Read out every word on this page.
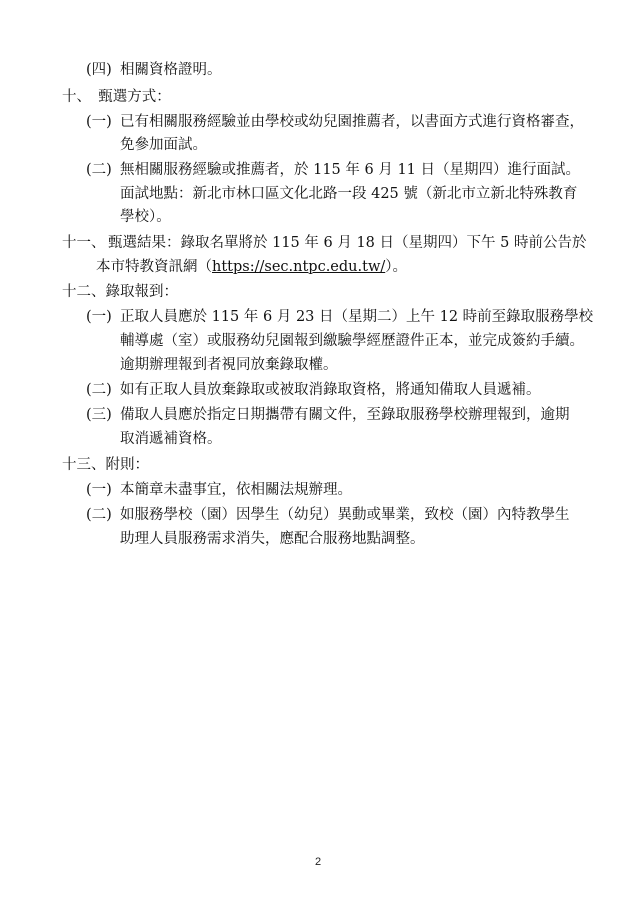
(四) 相關資格證明。
十、　甄選方式：
(一) 已有相關服務經驗並由學校或幼兒園推薦者，以書面方式進行資格審查，
免參加面試。
(二) 無相關服務經驗或推薦者，於 115 年 6 月 11 日（星期四）進行面試。
面試地點：新北市林口區文化北路一段 425 號（新北市立新北特殊教育
學校）。
十一、 甄選結果：錄取名單將於 115 年 6 月 18 日（星期四）下午 5 時前公告於
本市特教資訊網（https://sec.ntpc.edu.tw/）。
十二、錄取報到：
(一) 正取人員應於 115 年 6 月 23 日（星期二）上午 12 時前至錄取服務學校
輔導處（室）或服務幼兒園報到繳驗學經歷證件正本，並完成簽約手續。
逾期辦理報到者視同放棄錄取權。
(二) 如有正取人員放棄錄取或被取消錄取資格，將通知備取人員遞補。
(三) 備取人員應於指定日期攜帶有關文件，至錄取服務學校辦理報到，逾期
取消遞補資格。
十三、附則：
(一) 本簡章未盡事宜，依相關法規辦理。
(二) 如服務學校（園）因學生（幼兒）異動或畢業，致校（園）內特教學生
助理人員服務需求消失，應配合服務地點調整。
2
